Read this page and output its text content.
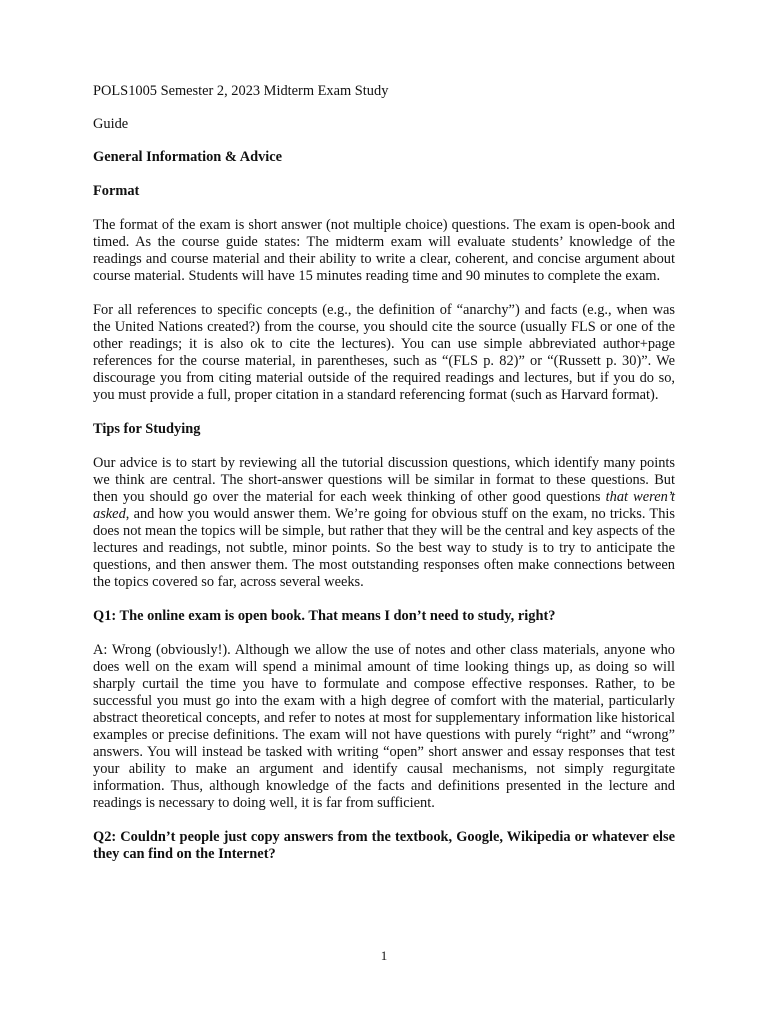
POLS1005 Semester 2, 2023 Midterm Exam Study

Guide

General Information & Advice

Format

The format of the exam is short answer (not multiple choice) questions. The exam is open-book and timed. As the course guide states: The midterm exam will evaluate students’ knowledge of the readings and course material and their ability to write a clear, coherent, and concise argument about course material. Students will have 15 minutes reading time and 90 minutes to complete the exam.

For all references to specific concepts (e.g., the definition of “anarchy”) and facts (e.g., when was the United Nations created?) from the course, you should cite the source (usually FLS or one of the other readings; it is also ok to cite the lectures). You can use simple abbreviated author+page references for the course material, in parentheses, such as “(FLS p. 82)” or “(Russett p. 30)”. We discourage you from citing material outside of the required readings and lectures, but if you do so, you must provide a full, proper citation in a standard referencing format (such as Harvard format).

Tips for Studying

Our advice is to start by reviewing all the tutorial discussion questions, which identify many points we think are central. The short-answer questions will be similar in format to these questions. But then you should go over the material for each week thinking of other good questions that weren’t asked, and how you would answer them. We’re going for obvious stuff on the exam, no tricks. This does not mean the topics will be simple, but rather that they will be the central and key aspects of the lectures and readings, not subtle, minor points. So the best way to study is to try to anticipate the questions, and then answer them. The most outstanding responses often make connections between the topics covered so far, across several weeks.

Q1: The online exam is open book. That means I don’t need to study, right?

A: Wrong (obviously!). Although we allow the use of notes and other class materials, anyone who does well on the exam will spend a minimal amount of time looking things up, as doing so will sharply curtail the time you have to formulate and compose effective responses. Rather, to be successful you must go into the exam with a high degree of comfort with the material, particularly abstract theoretical concepts, and refer to notes at most for supplementary information like historical examples or precise definitions. The exam will not have questions with purely “right” and “wrong” answers. You will instead be tasked with writing “open” short answer and essay responses that test your ability to make an argument and identify causal mechanisms, not simply regurgitate information. Thus, although knowledge of the facts and definitions presented in the lecture and readings is necessary to doing well, it is far from sufficient.

Q2: Couldn’t people just copy answers from the textbook, Google, Wikipedia or whatever else they can find on the Internet?

1
